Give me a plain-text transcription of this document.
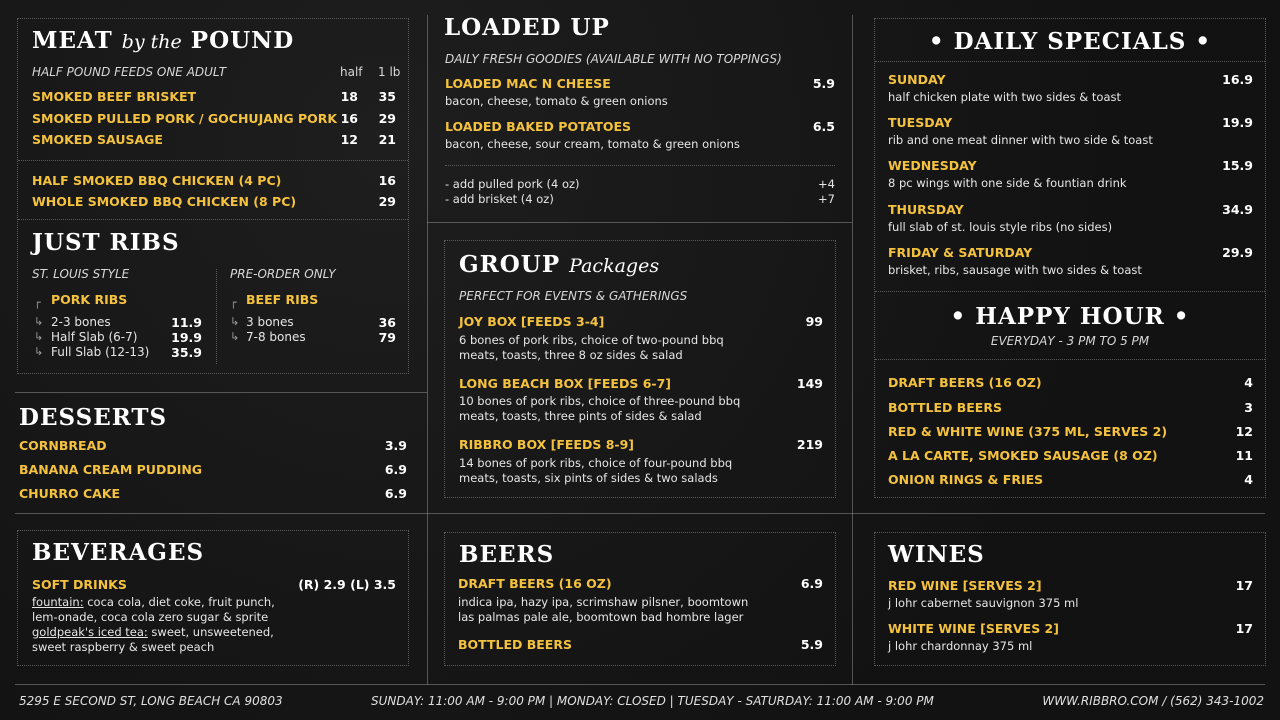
MEAT by the POUND
HALF POUND FEEDS ONE ADULT	half 1 lb
SMOKED BEEF BRISKET	18	35
SMOKED PULLED PORK / GOCHUJANG PORK 16	29
SMOKED SAUSAGE	12	21
HALF SMOKED BBQ CHICKEN (4 PC)	16
WHOLE SMOKED BBQ CHICKEN (8 PC)	29
JUST RIBS
ST. LOUIS STYLE	PRE-ORDER ONLY
PORK RIBS
┌
↳ 2-3 bones	11.9
↳ Half Slab (6-7)	19.9
↳ Full Slab (12-13)	35.9
BEEF RIBS
┌
↳ 3 bones	36
↳ 7-8 bones	79
DESSERTS
CORNBREAD	3.9
BANANA CREAM PUDDING	6.9
CHURRO CAKE	6.9
BEVERAGES
SOFT DRINKS	(R) 2.9 (L) 3.5
fountain: coca cola, diet coke, fruit punch, lem-onade, coca cola zero sugar & sprite
goldpeak's iced tea: sweet, unsweetened, sweet raspberry & sweet peach
LOADED UP
DAILY FRESH GOODIES (AVAILABLE WITH NO TOPPINGS)
LOADED MAC N CHEESE	5.9
bacon, cheese, tomato & green onions
LOADED BAKED POTATOES	6.5
bacon, cheese, sour cream, tomato & green onions
- add pulled pork (4 oz)	+4
- add brisket (4 oz)	+7
GROUP Packages
PERFECT FOR EVENTS & GATHERINGS
JOY BOX [FEEDS 3-4]	99
6 bones of pork ribs, choice of two-pound bbq meats, toasts, three 8 oz sides & salad
LONG BEACH BOX [FEEDS 6-7]	149
10 bones of pork ribs, choice of three-pound bbq meats, toasts, three pints of sides & salad
RIBBRO BOX [FEEDS 8-9]	219
14 bones of pork ribs, choice of four-pound bbq meats, toasts, six pints of sides & two salads
BEERS
DRAFT BEERS (16 OZ)	6.9
indica ipa, hazy ipa, scrimshaw pilsner, boomtown las palmas pale ale, boomtown bad hombre lager
BOTTLED BEERS	5.9
• DAILY SPECIALS •
SUNDAY	16.9
half chicken plate with two sides & toast
TUESDAY	19.9
rib and one meat dinner with two side & toast
WEDNESDAY	15.9
8 pc wings with one side & fountian drink
THURSDAY	34.9
full slab of st. louis style ribs (no sides)
FRIDAY & SATURDAY	29.9
brisket, ribs, sausage with two sides & toast
• HAPPY HOUR •
EVERYDAY - 3 PM TO 5 PM
DRAFT BEERS (16 OZ)	4
BOTTLED BEERS	3
RED & WHITE WINE (375 ML, SERVES 2)	12
A LA CARTE, SMOKED SAUSAGE (8 OZ)	11
ONION RINGS & FRIES	4
WINES
RED WINE [SERVES 2]	17
j lohr cabernet sauvignon 375 ml
WHITE WINE [SERVES 2]	17
j lohr chardonnay 375 ml
5295 E SECOND ST, LONG BEACH CA 90803	SUNDAY: 11:00 AM - 9:00 PM | MONDAY: CLOSED | TUESDAY - SATURDAY: 11:00 AM - 9:00 PM	WWW.RIBBRO.COM / (562) 343-1002
